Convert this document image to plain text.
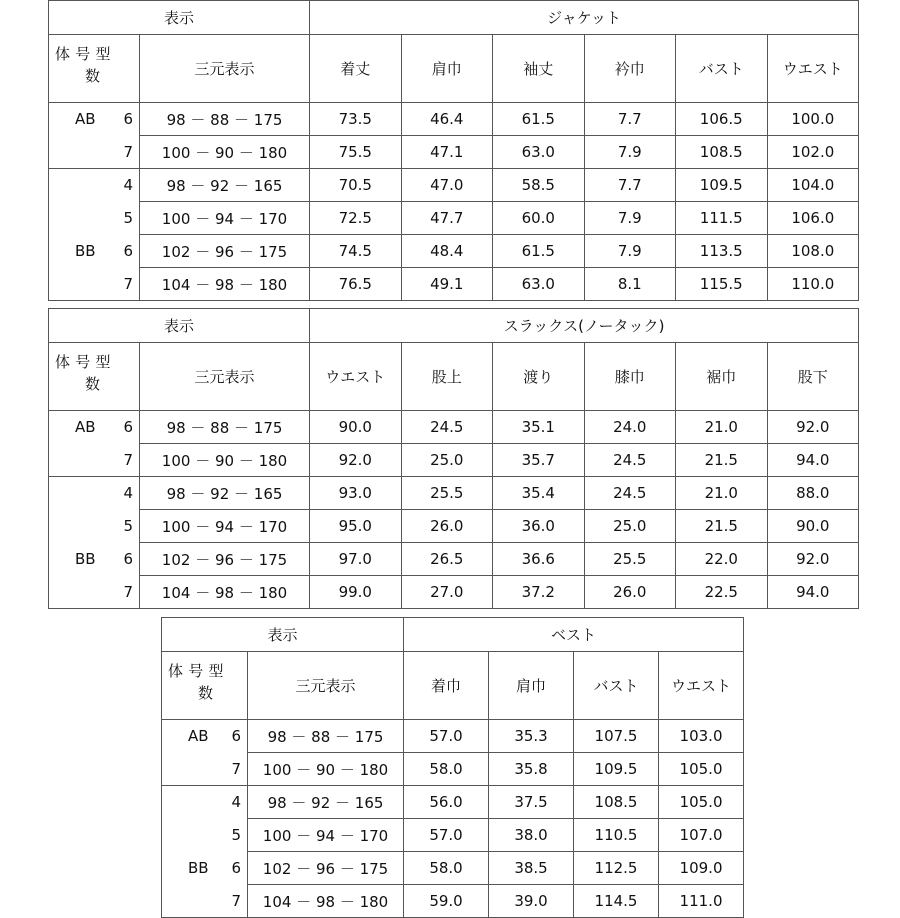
表示		ジャケット					

体号型
数	三元表示	着丈	肩巾	袖丈	衿巾	バスト	ウエスト

AB 6	98 － 88 － 175	73.5	46.4	61.5	7.7	106.5	100.0

7	100 － 90 － 180	75.5	47.1	63.0	7.9	108.5	102.0

4	98 － 92 － 165	70.5	47.0	58.5	7.7	109.5	104.0

5	100 － 94 － 170	72.5	47.7	60.0	7.9	111.5	106.0

BB 6	102 － 96 － 175	74.5	48.4	61.5	7.9	113.5	108.0

7	104 － 98 － 180	76.5	49.1	63.0	8.1	115.5	110.0
表示		スラックス(ノータック)					

体号型
数	三元表示	ウエスト	股上	渡り	膝巾	裾巾	股下

AB 6	98 － 88 － 175	90.0	24.5	35.1	24.0	21.0	92.0

7	100 － 90 － 180	92.0	25.0	35.7	24.5	21.5	94.0

4	98 － 92 － 165	93.0	25.5	35.4	24.5	21.0	88.0

5	100 － 94 － 170	95.0	26.0	36.0	25.0	21.5	90.0

BB 6	102 － 96 － 175	97.0	26.5	36.6	25.5	22.0	92.0

7	104 － 98 － 180	99.0	27.0	37.2	26.0	22.5	94.0
表示		ベスト			

体号型
数	三元表示	着巾	肩巾	バスト	ウエスト

AB 6	98 － 88 － 175	57.0	35.3	107.5	103.0

7	100 － 90 － 180	58.0	35.8	109.5	105.0

4	98 － 92 － 165	56.0	37.5	108.5	105.0

5	100 － 94 － 170	57.0	38.0	110.5	107.0

BB 6	102 － 96 － 175	58.0	38.5	112.5	109.0

7	104 － 98 － 180	59.0	39.0	114.5	111.0
